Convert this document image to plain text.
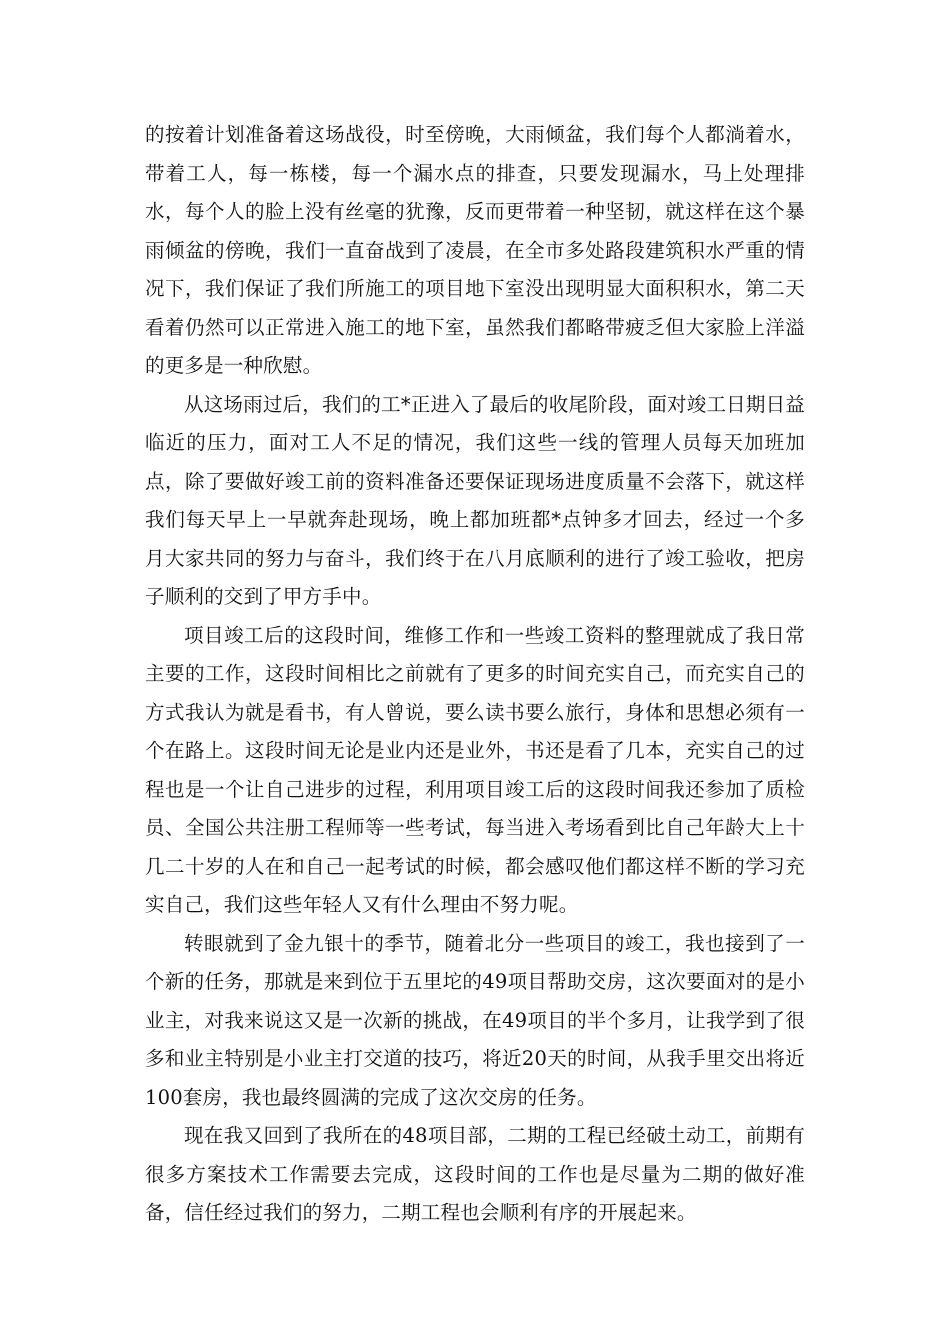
的按着计划准备着这场战役，时至傍晚，大雨倾盆，我们每个人都淌着水，带着工人，每一栋楼，每一个漏水点的排查，只要发现漏水，马上处理排水，每个人的脸上没有丝毫的犹豫，反而更带着一种坚韧，就这样在这个暴雨倾盆的傍晚，我们一直奋战到了凌晨，在全市多处路段建筑积水严重的情况下，我们保证了我们所施工的项目地下室没出现明显大面积积水，第二天看着仍然可以正常进入施工的地下室，虽然我们都略带疲乏但大家脸上洋溢的更多是一种欣慰。

从这场雨过后，我们的工*正进入了最后的收尾阶段，面对竣工日期日益临近的压力，面对工人不足的情况，我们这些一线的管理人员每天加班加点，除了要做好竣工前的资料准备还要保证现场进度质量不会落下，就这样我们每天早上一早就奔赴现场，晚上都加班都*点钟多才回去，经过一个多月大家共同的努力与奋斗，我们终于在八月底顺利的进行了竣工验收，把房子顺利的交到了甲方手中。

项目竣工后的这段时间，维修工作和一些竣工资料的整理就成了我日常主要的工作，这段时间相比之前就有了更多的时间充实自己，而充实自己的方式我认为就是看书，有人曾说，要么读书要么旅行，身体和思想必须有一个在路上。这段时间无论是业内还是业外，书还是看了几本，充实自己的过程也是一个让自己进步的过程，利用项目竣工后的这段时间我还参加了质检员、全国公共注册工程师等一些考试，每当进入考场看到比自己年龄大上十几二十岁的人在和自己一起考试的时候，都会感叹他们都这样不断的学习充实自己，我们这些年轻人又有什么理由不努力呢。

转眼就到了金九银十的季节，随着北分一些项目的竣工，我也接到了一个新的任务，那就是来到位于五里坨的49项目帮助交房，这次要面对的是小业主，对我来说这又是一次新的挑战，在49项目的半个多月，让我学到了很多和业主特别是小业主打交道的技巧，将近20天的时间，从我手里交出将近100套房，我也最终圆满的完成了这次交房的任务。

现在我又回到了我所在的48项目部，二期的工程已经破土动工，前期有很多方案技术工作需要去完成，这段时间的工作也是尽量为二期的做好准备，信任经过我们的努力，二期工程也会顺利有序的开展起来。
